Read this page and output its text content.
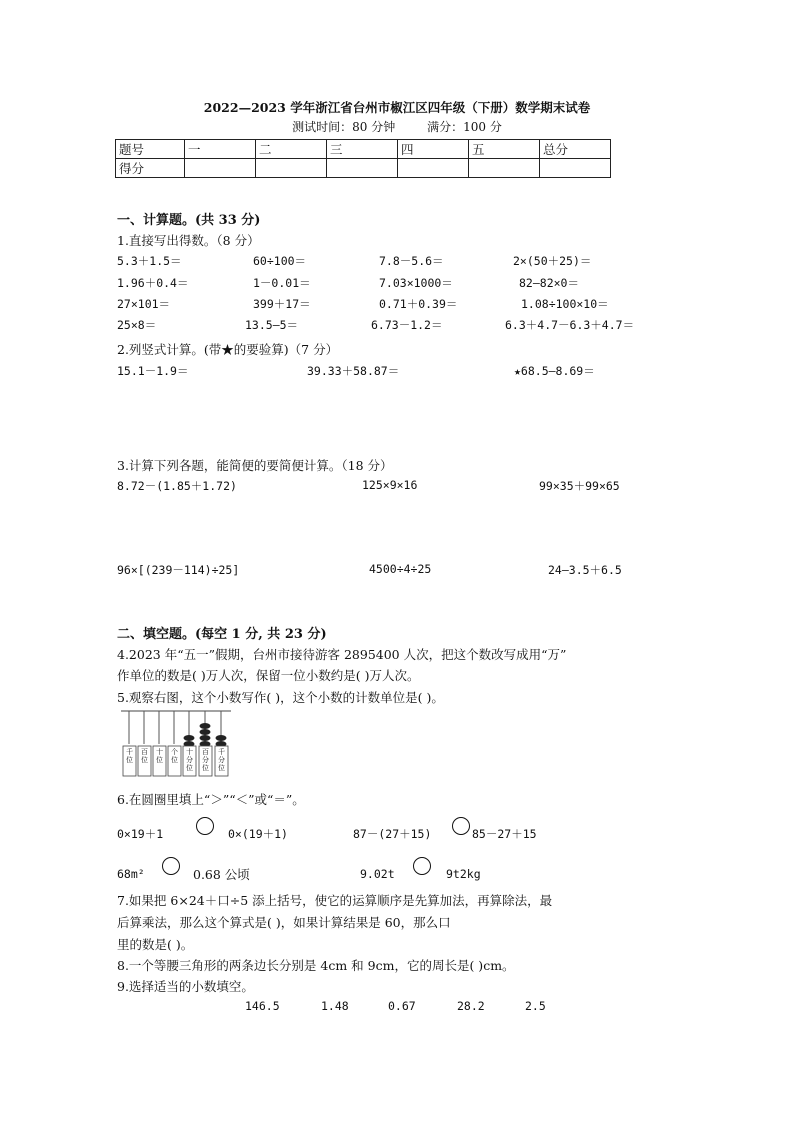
2022—2023 学年浙江省台州市椒江区四年级（下册）数学期末试卷
测试时间：80 分钟	满分：100 分
题号	一	二	三	四	五	总分
得分						
一、计算题。(共 33 分)
1.直接写出得数。（8 分）
5.3＋1.5＝	60÷100＝	7.8－5.6＝	2×(50＋25)＝
1.96＋0.4＝	1－0.01＝	7.03×1000＝	82—82×0＝
27×101＝	399＋17＝	0.71＋0.39＝	1.08÷100×10＝
25×8＝	13.5—5＝	6.73－1.2＝	6.3＋4.7－6.3＋4.7＝
2.列竖式计算。(带★的要验算)（7 分）
15.1－1.9＝	39.33＋58.87＝	★68.5—8.69＝
3.计算下列各题，能简便的要简便计算。（18 分）
8.72－(1.85＋1.72)	125×9×16	99×35＋99×65
96×[(239－114)÷25]	4500÷4÷25	24—3.5＋6.5
二、填空题。(每空 1 分, 共 23 分)
4.2023 年“五一”假期，台州市接待游客 2895400 人次，把这个数改写成用“万”
作单位的数是( )万人次，保留一位小数约是( )万人次。
5.观察右图，这个小数写作( )，这个小数的计数单位是( )。
千位
百位
十位
个位
十分位
百分位
千分位
6.在圆圈里填上“＞”“＜”或“＝”。
0×19＋1	0×(19＋1)	87－(27＋15)	85－27＋15
68m²	0.68 公顷	9.02t	9t2kg
7.如果把 6×24＋口÷5 添上括号，使它的运算顺序是先算加法，再算除法，最
后算乘法，那么这个算式是( )，如果计算结果是 60，那么口
里的数是( )。
8.一个等腰三角形的两条边长分别是 4cm 和 9cm，它的周长是( )cm。
9.选择适当的小数填空。
146.5	1.48	0.67	28.2	2.5
